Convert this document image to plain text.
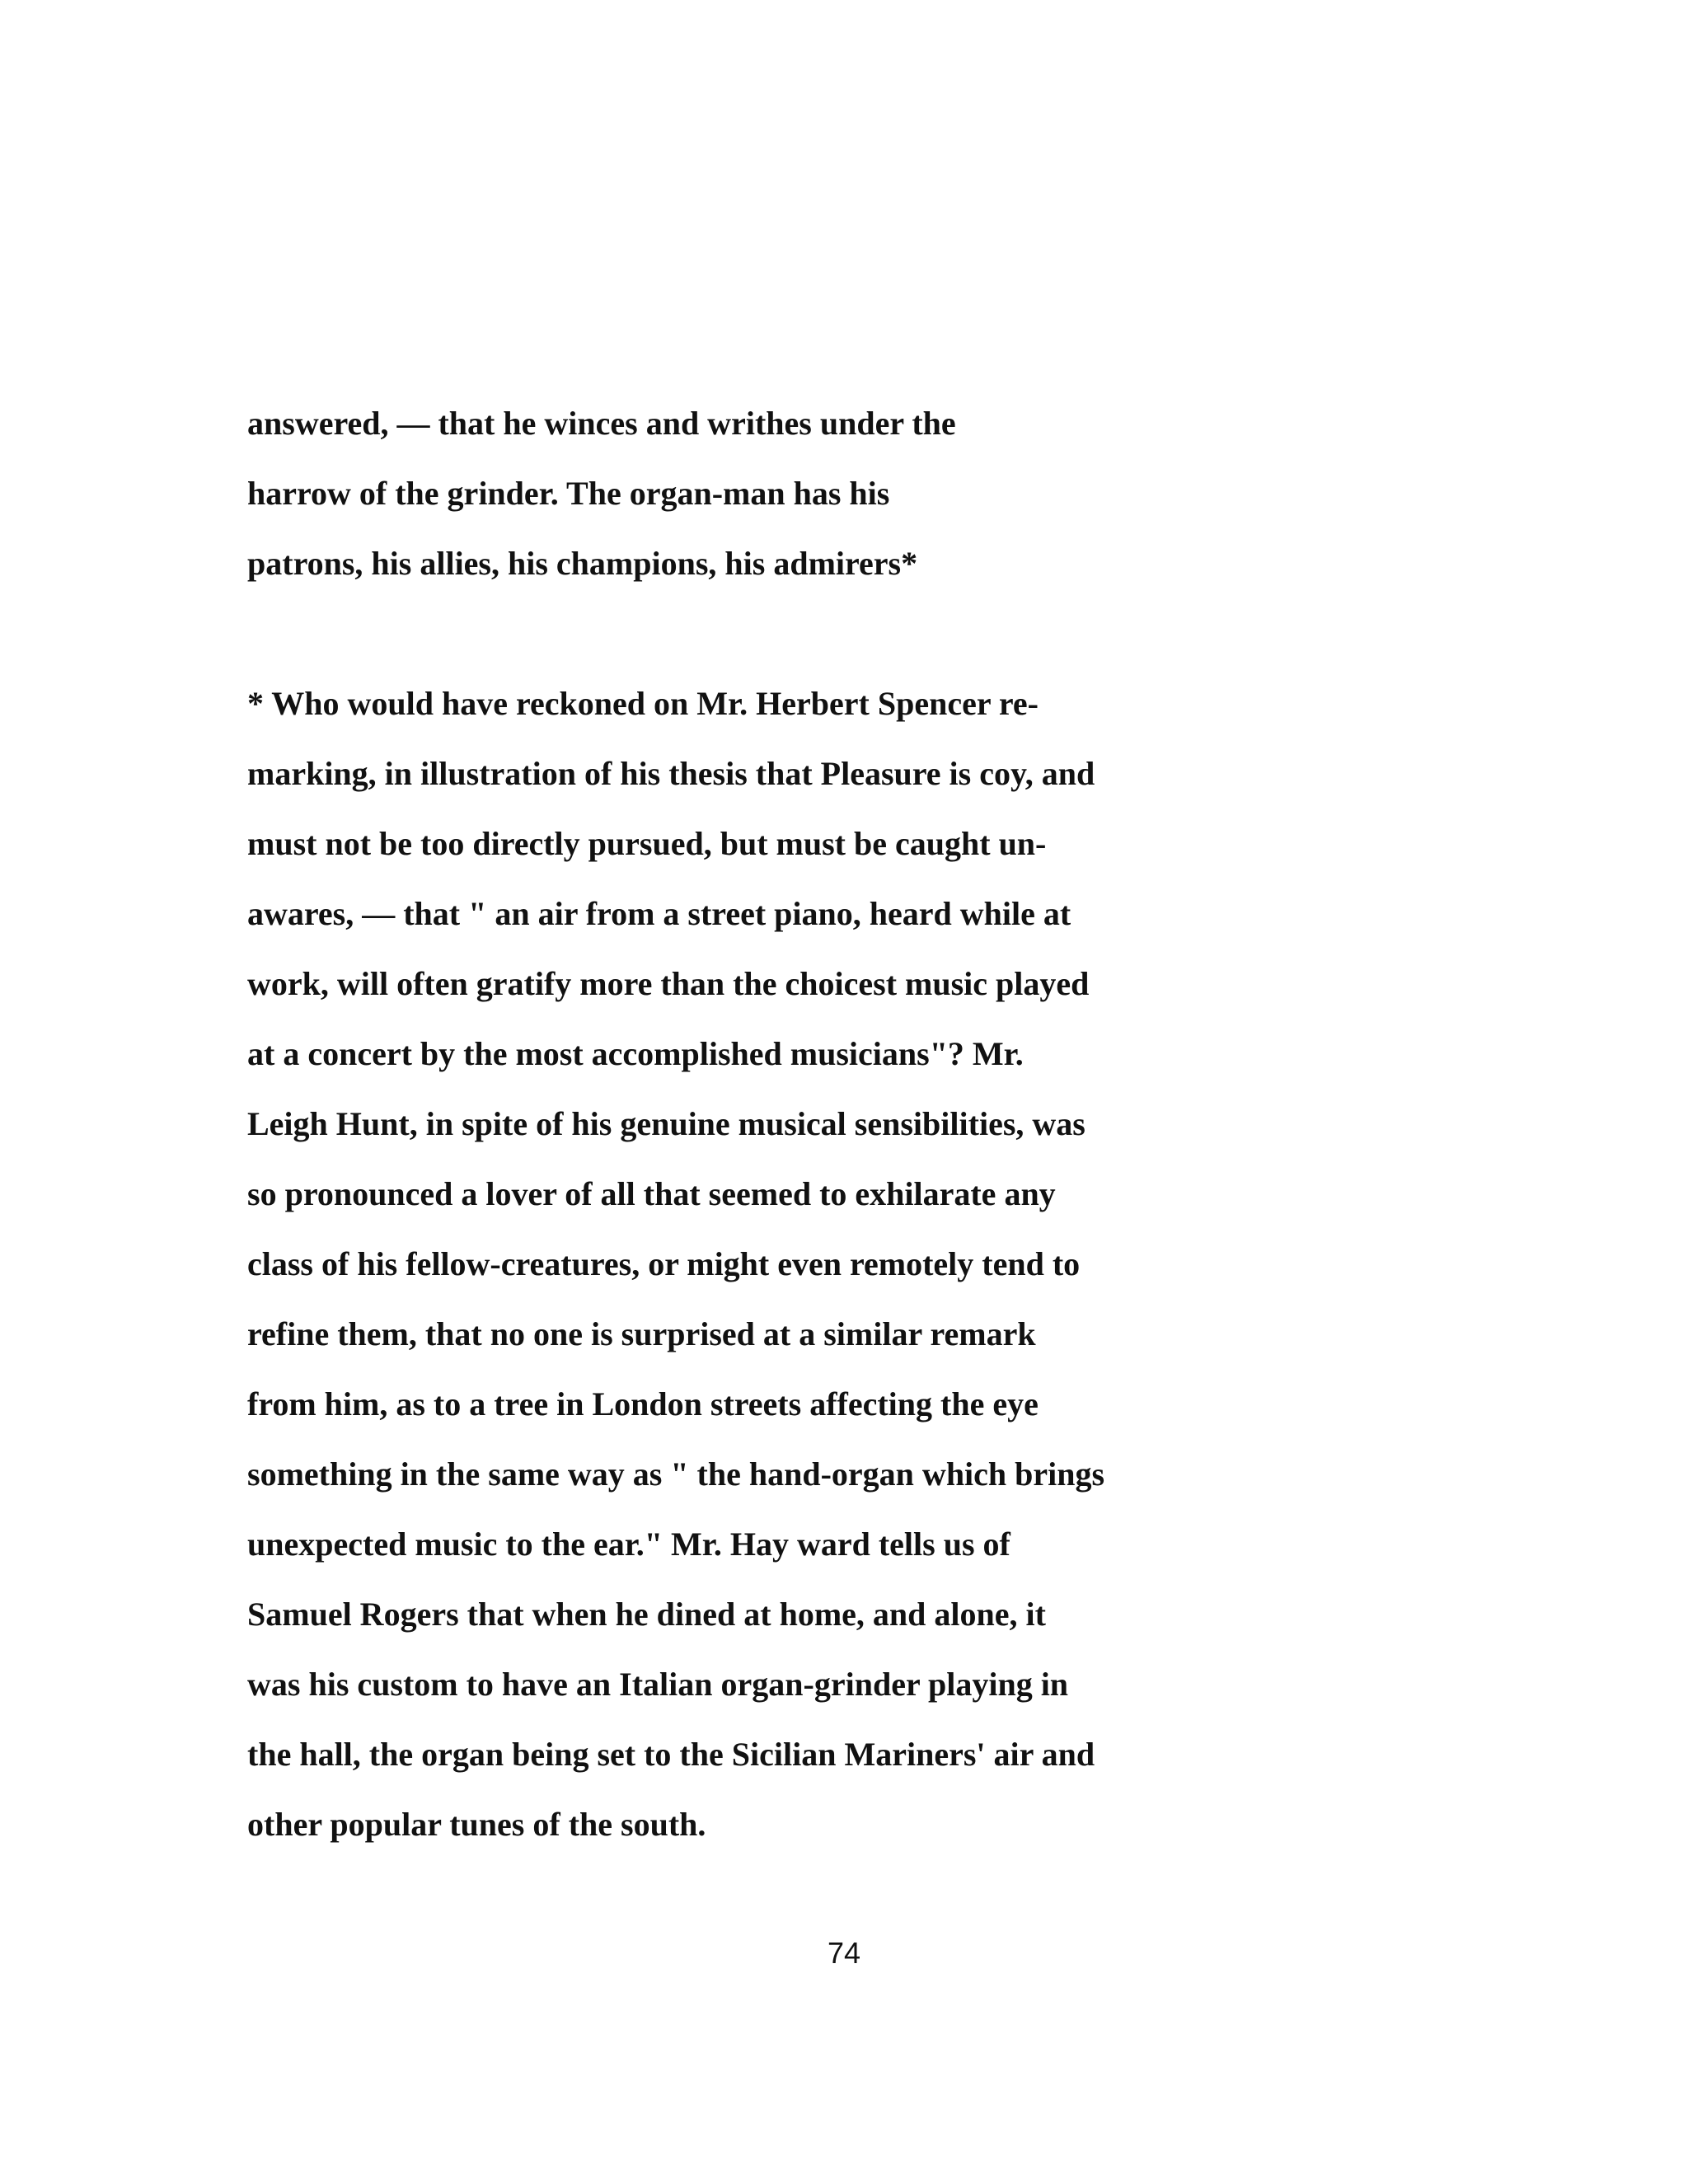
answered, — that he winces and writhes under the

harrow of the grinder. The organ-man has his

patrons, his allies, his champions, his admirers*

* Who would have reckoned on Mr. Herbert Spencer re-

marking, in illustration of his thesis that Pleasure is coy, and

must not be too directly pursued, but must be caught un-

awares, — that " an air from a street piano, heard while at

work, will often gratify more than the choicest music played

at a concert by the most accomplished musicians"? Mr.

Leigh Hunt, in spite of his genuine musical sensibilities, was

so pronounced a lover of all that seemed to exhilarate any

class of his fellow-creatures, or might even remotely tend to

refine them, that no one is surprised at a similar remark

from him, as to a tree in London streets affecting the eye

something in the same way as " the hand-organ which brings

unexpected music to the ear." Mr. Hay ward tells us of

Samuel Rogers that when he dined at home, and alone, it

was his custom to have an Italian organ-grinder playing in

the hall, the organ being set to the Sicilian Mariners' air and

other popular tunes of the south.

74
